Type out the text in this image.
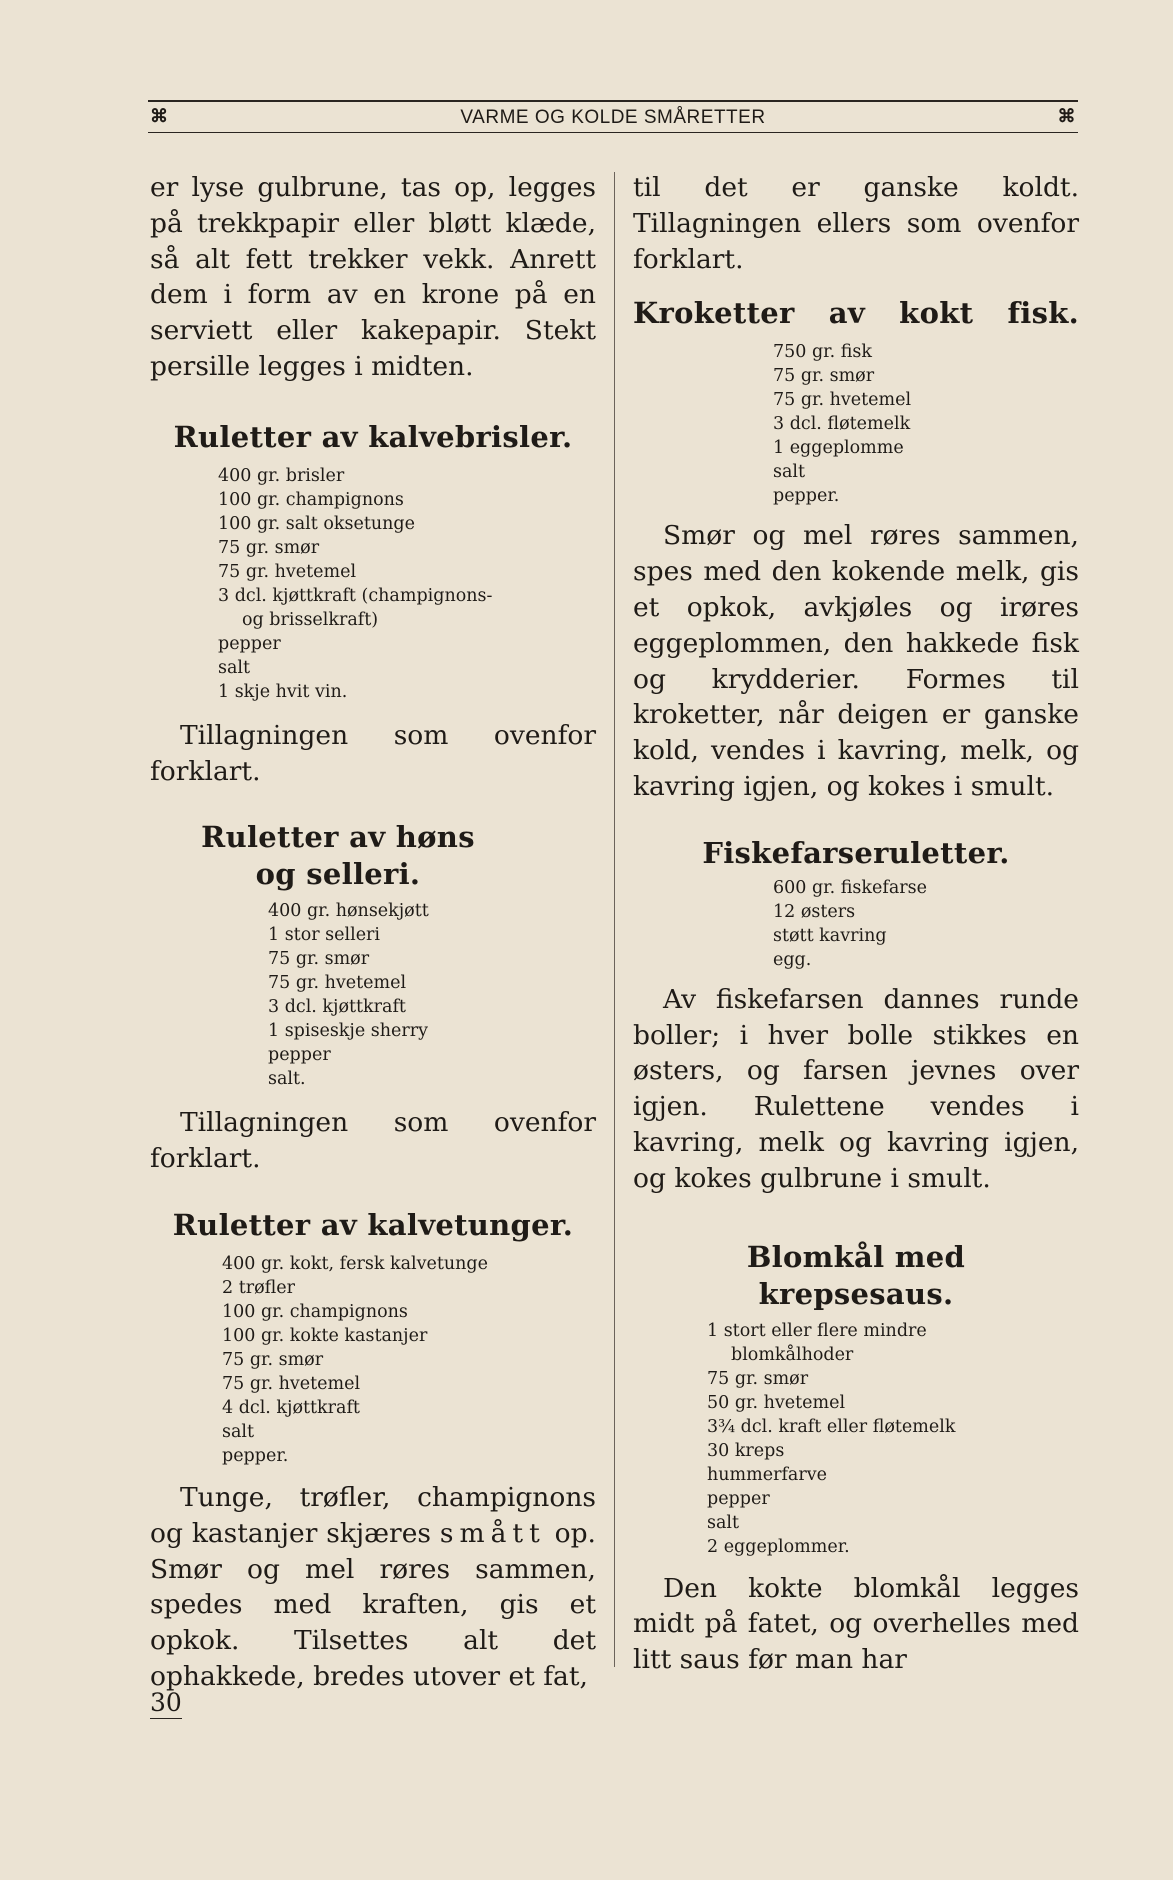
⌘	VARME OG KOLDE SMÅRETTER	⌘

er lyse gulbrune, tas op, legges på trekkpapir eller bløtt klæde, så alt fett trekker vekk. Anrett dem i form av en krone på en serviett eller kakepapir. Stekt persille legges i midten.

Ruletter av kalvebrisler.
400 gr. brisler
100 gr. champignons
100 gr. salt oksetunge
75 gr. smør
75 gr. hvetemel
3 dcl. kjøttkraft (champignons-
og brisselkraft)
pepper
salt
1 skje hvit vin.

Tillagningen som ovenfor forklart.

Ruletter av høns og selleri.
400 gr. hønsekjøtt
1 stor selleri
75 gr. smør
75 gr. hvetemel
3 dcl. kjøttkraft
1 spiseskje sherry
pepper
salt.

Tillagningen som ovenfor forklart.

Ruletter av kalvetunger.
400 gr. kokt, fersk kalvetunge
2 trøfler
100 gr. champignons
100 gr. kokte kastanjer
75 gr. smør
75 gr. hvetemel
4 dcl. kjøttkraft
salt
pepper.

Tunge, trøfler, champignons og kastanjer skjæres smått op. Smør og mel røres sammen, spedes med kraften, gis et opkok. Tilsettes alt det ophakkede, bredes utover et fat,

til det er ganske koldt. Tillagningen ellers som ovenfor forklart.

Kroketter av kokt fisk.
750 gr. fisk
75 gr. smør
75 gr. hvetemel
3 dcl. fløtemelk
1 eggeplomme
salt
pepper.

Smør og mel røres sammen, spes med den kokende melk, gis et opkok, avkjøles og irøres eggeplommen, den hakkede fisk og krydderier. Formes til kroketter, når deigen er ganske kold, vendes i kavring, melk, og kavring igjen, og kokes i smult.

Fiskefarseruletter.
600 gr. fiskefarse
12 østers
støtt kavring
egg.

Av fiskefarsen dannes runde boller; i hver bolle stikkes en østers, og farsen jevnes over igjen. Rulettene vendes i kavring, melk og kavring igjen, og kokes gulbrune i smult.

Blomkål med krepsesaus.
1 stort eller flere mindre
blomkålhoder
75 gr. smør
50 gr. hvetemel
3¾ dcl. kraft eller fløtemelk
30 kreps
hummerfarve
pepper
salt
2 eggeplommer.

Den kokte blomkål legges midt på fatet, og overhelles med litt saus før man har

30
